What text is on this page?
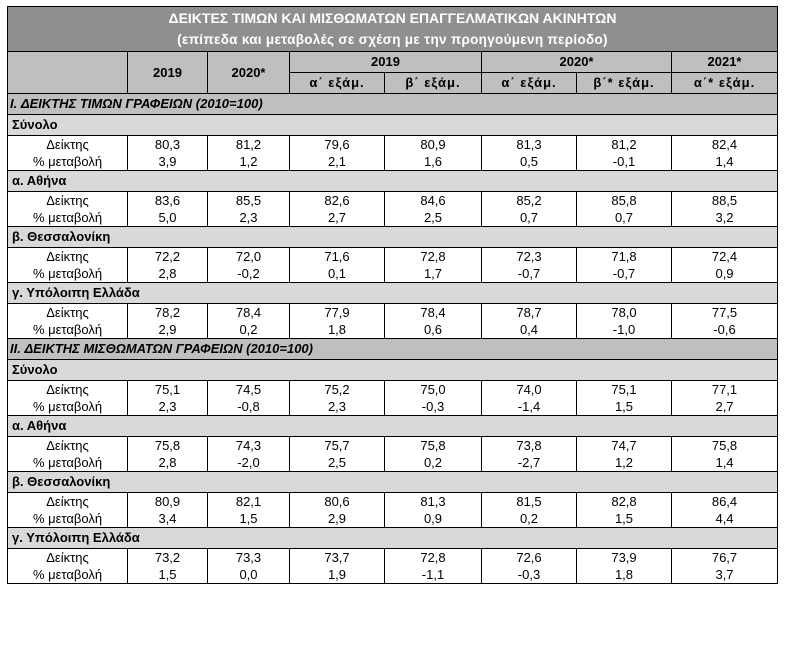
ΔΕΙΚΤΕΣ ΤΙΜΩΝ ΚΑΙ ΜΙΣΘΩΜΑΤΩΝ ΕΠΑΓΓΕΛΜΑΤΙΚΩΝ ΑΚΙΝΗΤΩΝ							
(επίπεδα και μεταβολές σε σχέση με την προηγούμενη περίοδο)							
	2019	2020*	2019		2020*		2021*
			α΄ εξάμ.	β΄ εξάμ.	α΄ εξάμ.	β΄* εξάμ.	α΄* εξάμ.
I. ΔΕΙΚΤΗΣ ΤΙΜΩΝ ΓΡΑΦΕΙΩΝ (2010=100)							
Σύνολο							
Δείκτης	80,3	81,2	79,6	80,9	81,3	81,2	82,4
% μεταβολή	3,9	1,2	2,1	1,6	0,5	-0,1	1,4
α. Αθήνα							
Δείκτης	83,6	85,5	82,6	84,6	85,2	85,8	88,5
% μεταβολή	5,0	2,3	2,7	2,5	0,7	0,7	3,2
β. Θεσσαλονίκη							
Δείκτης	72,2	72,0	71,6	72,8	72,3	71,8	72,4
% μεταβολή	2,8	-0,2	0,1	1,7	-0,7	-0,7	0,9
γ. Υπόλοιπη Ελλάδα							
Δείκτης	78,2	78,4	77,9	78,4	78,7	78,0	77,5
% μεταβολή	2,9	0,2	1,8	0,6	0,4	-1,0	-0,6
II. ΔΕΙΚΤΗΣ ΜΙΣΘΩΜΑΤΩΝ ΓΡΑΦΕΙΩΝ (2010=100)							
Σύνολο							
Δείκτης	75,1	74,5	75,2	75,0	74,0	75,1	77,1
% μεταβολή	2,3	-0,8	2,3	-0,3	-1,4	1,5	2,7
α. Αθήνα							
Δείκτης	75,8	74,3	75,7	75,8	73,8	74,7	75,8
% μεταβολή	2,8	-2,0	2,5	0,2	-2,7	1,2	1,4
β. Θεσσαλονίκη							
Δείκτης	80,9	82,1	80,6	81,3	81,5	82,8	86,4
% μεταβολή	3,4	1,5	2,9	0,9	0,2	1,5	4,4
γ. Υπόλοιπη Ελλάδα							
Δείκτης	73,2	73,3	73,7	72,8	72,6	73,9	76,7
% μεταβολή	1,5	0,0	1,9	-1,1	-0,3	1,8	3,7
